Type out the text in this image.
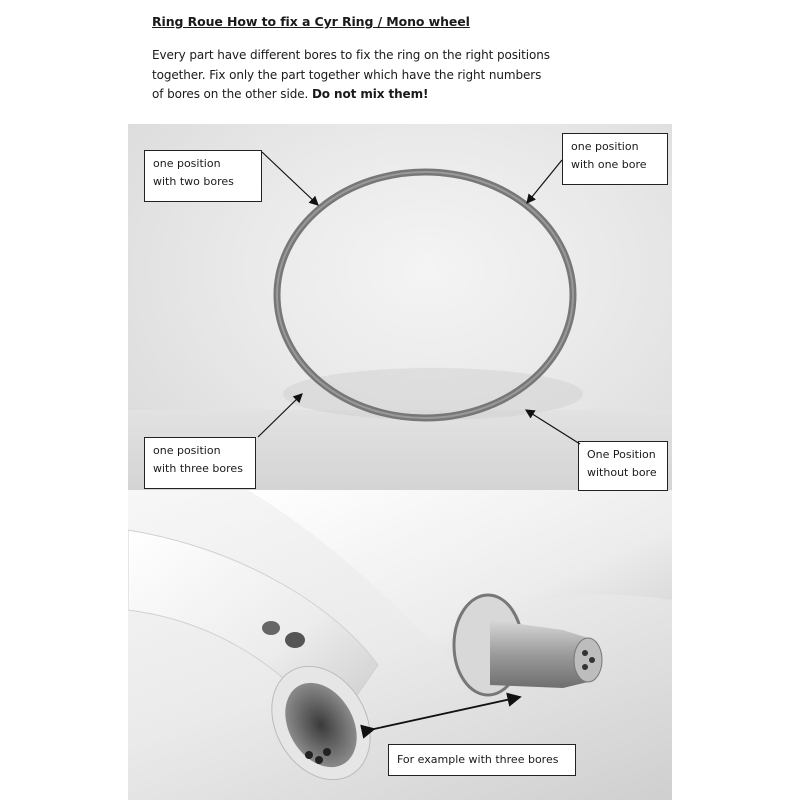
Ring Roue How to fix a Cyr Ring / Mono wheel
Every part have different bores to fix the ring on the right positions together. Fix only the part together which have the right numbers of bores on the other side. Do not mix them!
one position
with two bores
one position
with one bore
one position
with three bores
One Position
without bore
For example with three bores
